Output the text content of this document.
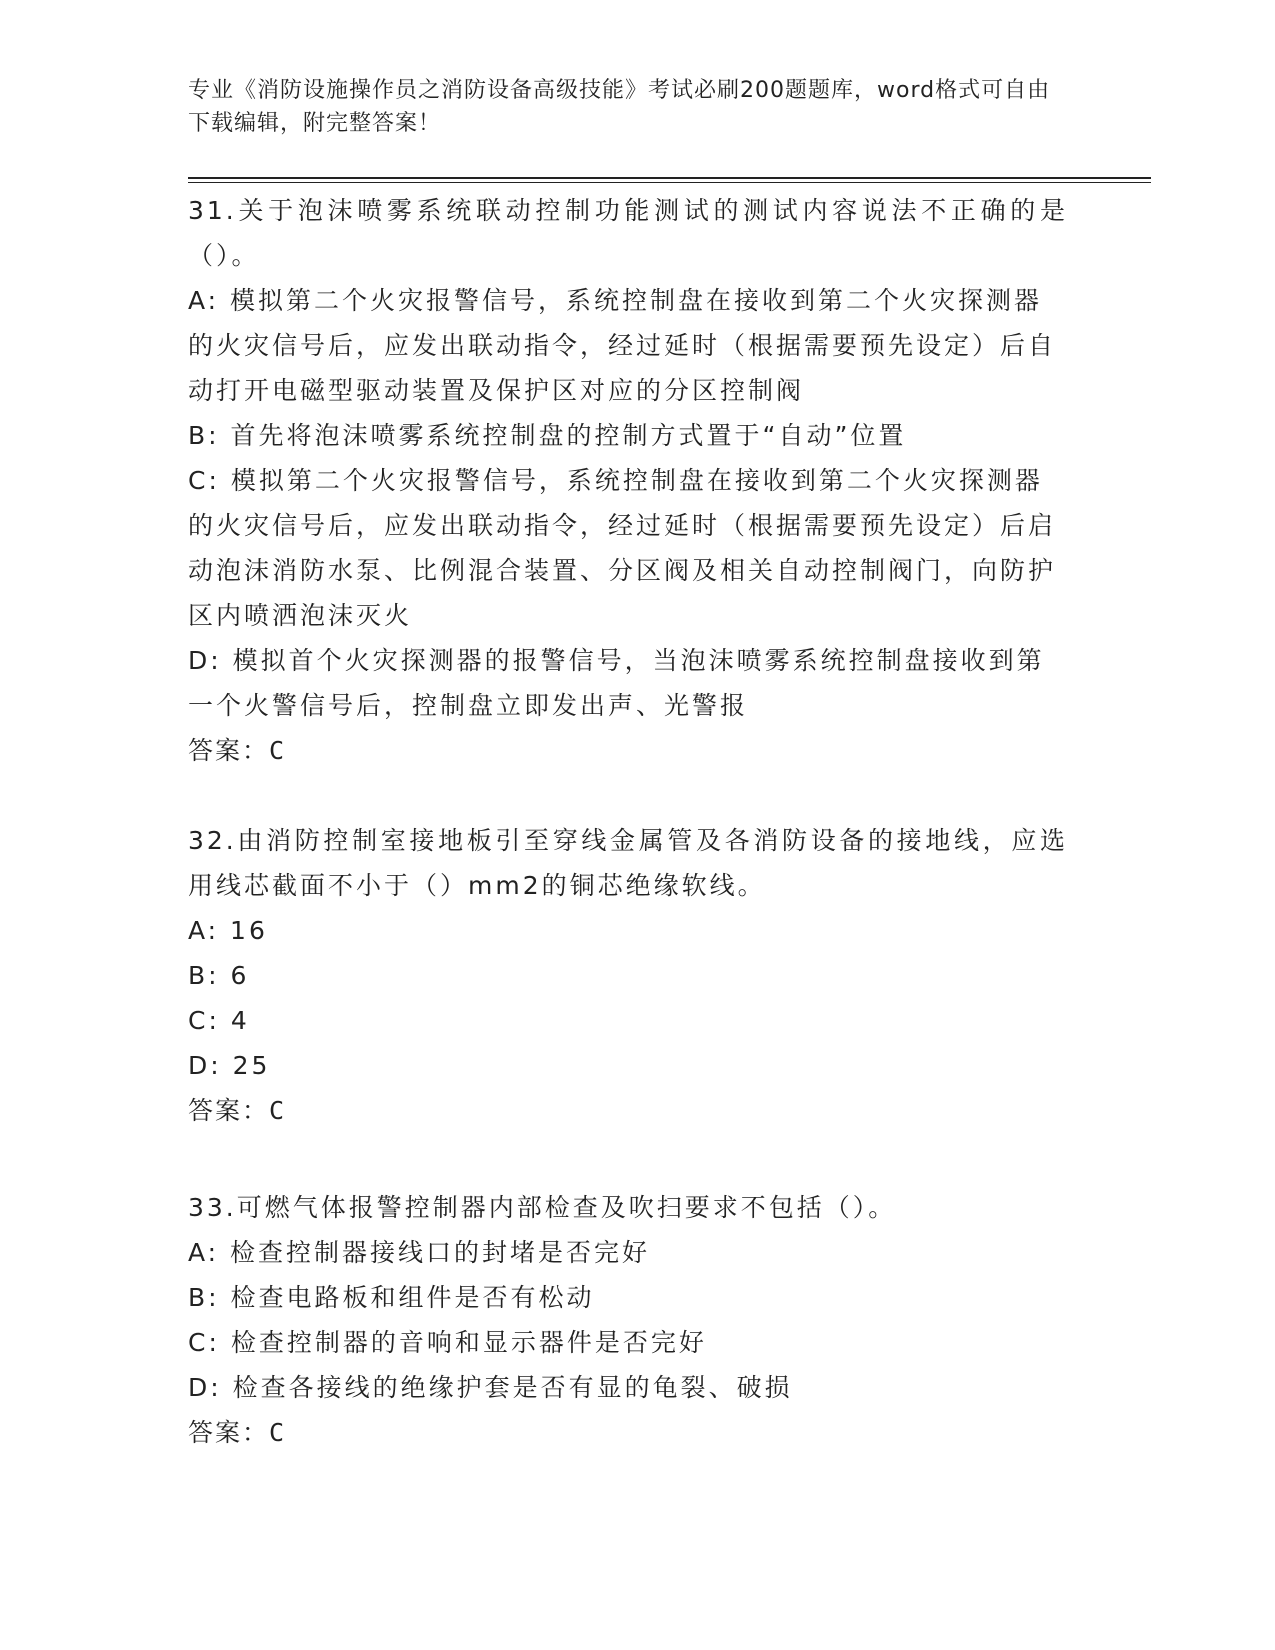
专业《消防设施操作员之消防设备高级技能》考试必刷200题题库，word格式可自由下载编辑，附完整答案！

31.关于泡沫喷雾系统联动控制功能测试的测试内容说法不正确的是（）。

A: 模拟第二个火灾报警信号，系统控制盘在接收到第二个火灾探测器的火灾信号后，应发出联动指令，经过延时（根据需要预先设定）后自动打开电磁型驱动装置及保护区对应的分区控制阀

B: 首先将泡沫喷雾系统控制盘的控制方式置于“自动”位置

C: 模拟第二个火灾报警信号，系统控制盘在接收到第二个火灾探测器的火灾信号后，应发出联动指令，经过延时（根据需要预先设定）后启动泡沫消防水泵、比例混合装置、分区阀及相关自动控制阀门，向防护区内喷洒泡沫灭火

D: 模拟首个火灾探测器的报警信号，当泡沫喷雾系统控制盘接收到第一个火警信号后，控制盘立即发出声、光警报

答案：C

32.由消防控制室接地板引至穿线金属管及各消防设备的接地线，应选用线芯截面不小于（）mm2的铜芯绝缘软线。

A: 16

B: 6

C: 4

D: 25

答案：C

33.可燃气体报警控制器内部检查及吹扫要求不包括（）。

A: 检查控制器接线口的封堵是否完好

B: 检查电路板和组件是否有松动

C: 检查控制器的音响和显示器件是否完好

D: 检查各接线的绝缘护套是否有显的龟裂、破损

答案：C
